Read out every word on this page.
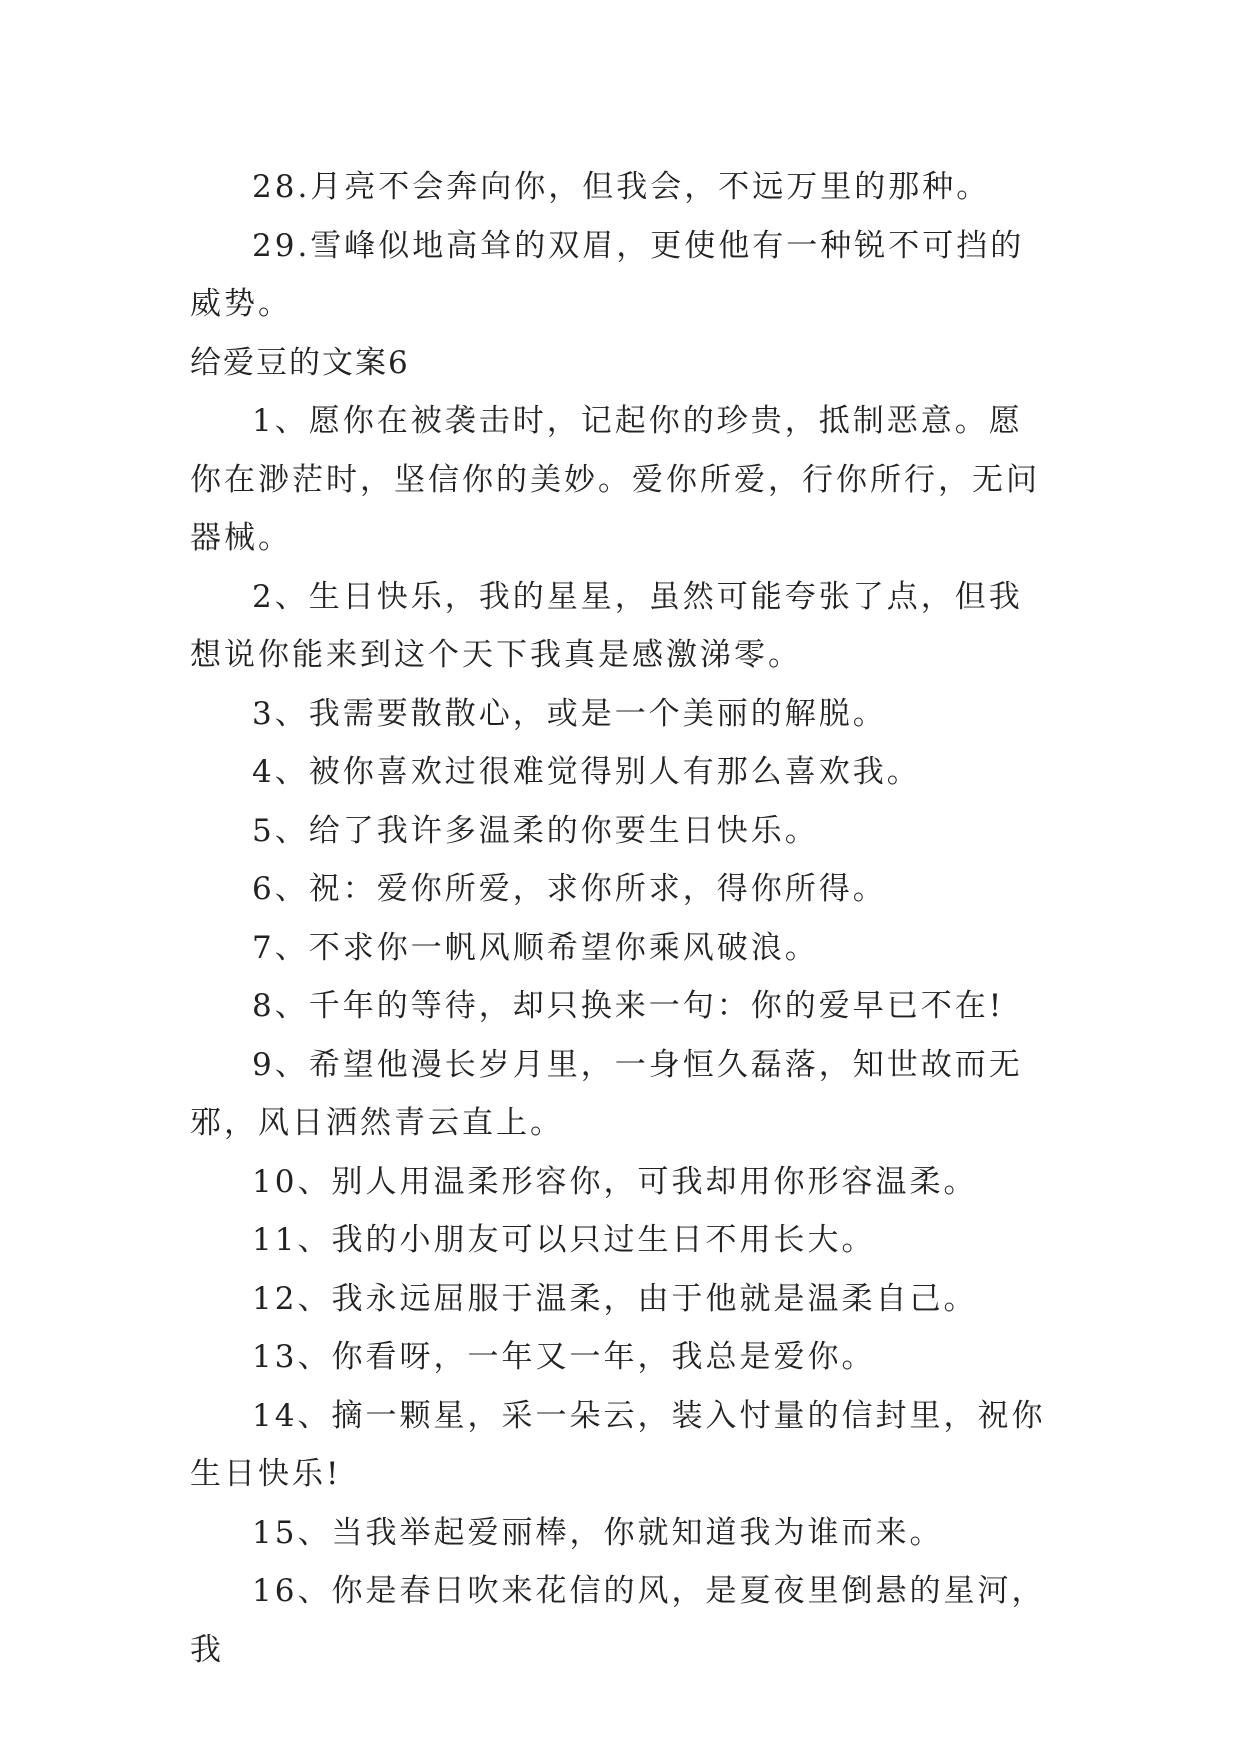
28.月亮不会奔向你，但我会，不远万里的那种。

29.雪峰似地高耸的双眉，更使他有一种锐不可挡的威势。

给爱豆的文案6

1、愿你在被袭击时，记起你的珍贵，抵制恶意。愿你在渺茫时，坚信你的美妙。爱你所爱，行你所行，无问器械。

2、生日快乐，我的星星，虽然可能夸张了点，但我想说你能来到这个天下我真是感激涕零。

3、我需要散散心，或是一个美丽的解脱。

4、被你喜欢过很难觉得别人有那么喜欢我。

5、给了我许多温柔的你要生日快乐。

6、祝：爱你所爱，求你所求，得你所得。

7、不求你一帆风顺希望你乘风破浪。

8、千年的等待，却只换来一句：你的爱早已不在!

9、希望他漫长岁月里，一身恒久磊落，知世故而无邪，风日洒然青云直上。

10、别人用温柔形容你，可我却用你形容温柔。

11、我的小朋友可以只过生日不用长大。

12、我永远屈服于温柔，由于他就是温柔自己。

13、你看呀，一年又一年，我总是爱你。

14、摘一颗星，采一朵云，装入忖量的信封里，祝你生日快乐!

15、当我举起爱丽棒，你就知道我为谁而来。

16、你是春日吹来花信的风，是夏夜里倒悬的星河，我
